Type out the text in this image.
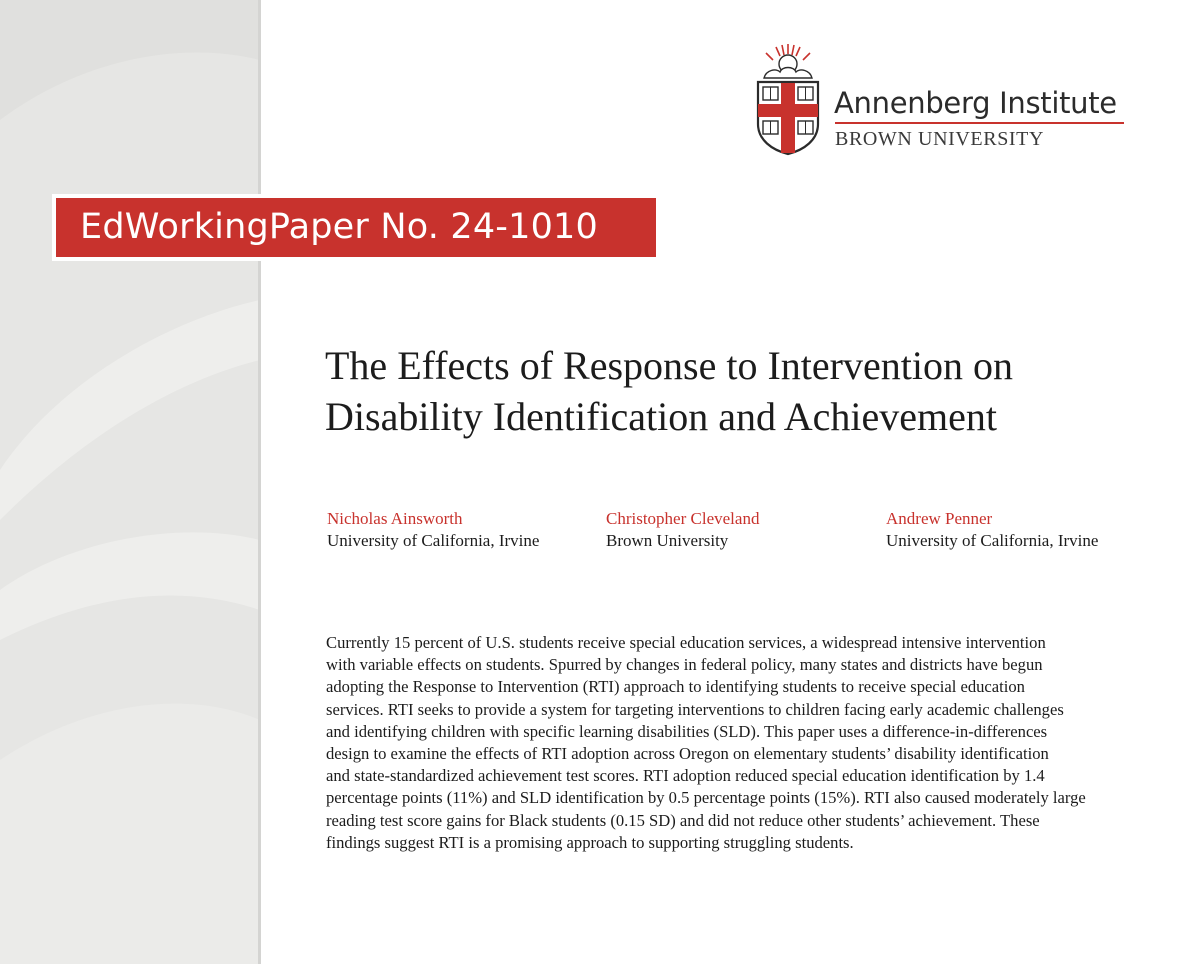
Annenberg Institute
BROWN UNIVERSITY
EdWorkingPaper No. 24-1010
The Effects of Response to Intervention on
Disability Identification and Achievement
Nicholas Ainsworth
University of California, Irvine
Christopher Cleveland
Brown University
Andrew Penner
University of California, Irvine
Currently 15 percent of U.S. students receive special education services, a widespread intensive intervention
with variable effects on students. Spurred by changes in federal policy, many states and districts have begun
adopting the Response to Intervention (RTI) approach to identifying students to receive special education
services. RTI seeks to provide a system for targeting interventions to children facing early academic challenges
and identifying children with specific learning disabilities (SLD). This paper uses a difference-in-differences
design to examine the effects of RTI adoption across Oregon on elementary students’ disability identification
and state-standardized achievement test scores. RTI adoption reduced special education identification by 1.4
percentage points (11%) and SLD identification by 0.5 percentage points (15%). RTI also caused moderately large
reading test score gains for Black students (0.15 SD) and did not reduce other students’ achievement. These
findings suggest RTI is a promising approach to supporting struggling students.
